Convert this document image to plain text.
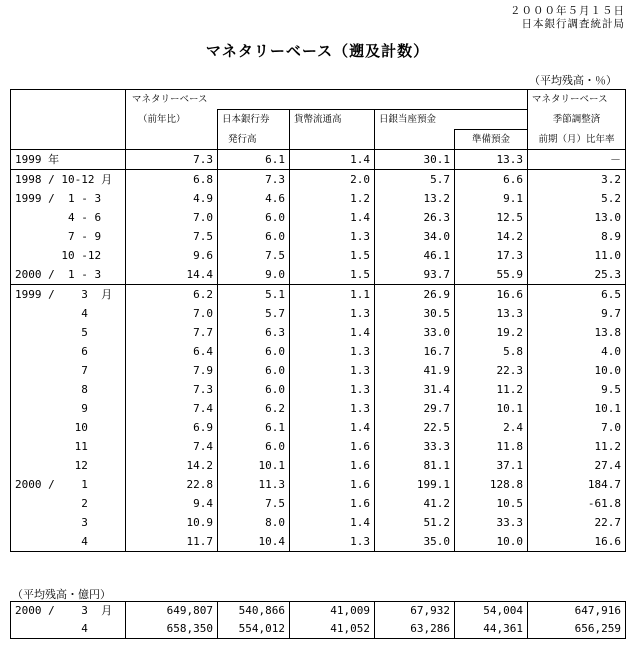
２０００年５月１５日
日本銀行調査統計局
マネタリーベース（遡及計数）
（平均残高・％）
	マネタリーベース					マネタリーベース
	（前年比）	日本銀行券	貨幣流通高	日銀当座預金		季節調整済
		発行高			準備預金	前期（月）比年率
1999 年	7.3	6.1	1.4	30.1	13.3	－
1998 / 10-12 月	6.8	7.3	2.0	5.7	6.6	3.2
1999 /  1 - 3	4.9	4.6	1.2	13.2	9.1	5.2
4 - 6	7.0	6.0	1.4	26.3	12.5	13.0
7 - 9	7.5	6.0	1.3	34.0	14.2	8.9
10 -12	9.6	7.5	1.5	46.1	17.3	11.0
2000 /  1 - 3	14.4	9.0	1.5	93.7	55.9	25.3
1999 /    3  月	6.2	5.1	1.1	26.9	16.6	6.5
4	7.0	5.7	1.3	30.5	13.3	9.7
5	7.7	6.3	1.4	33.0	19.2	13.8
6	6.4	6.0	1.3	16.7	5.8	4.0
7	7.9	6.0	1.3	41.9	22.3	10.0
8	7.3	6.0	1.3	31.4	11.2	9.5
9	7.4	6.2	1.3	29.7	10.1	10.1
10	6.9	6.1	1.4	22.5	2.4	7.0
11	7.4	6.0	1.6	33.3	11.8	11.2
12	14.2	10.1	1.6	81.1	37.1	27.4
2000 /    1	22.8	11.3	1.6	199.1	128.8	184.7
2	9.4	7.5	1.6	41.2	10.5	-61.8
3	10.9	8.0	1.4	51.2	33.3	22.7
4	11.7	10.4	1.3	35.0	10.0	16.6
（平均残高・億円）
2000 /    3  月	649,807	540,866	41,009	67,932	54,004	647,916
4	658,350	554,012	41,052	63,286	44,361	656,259
